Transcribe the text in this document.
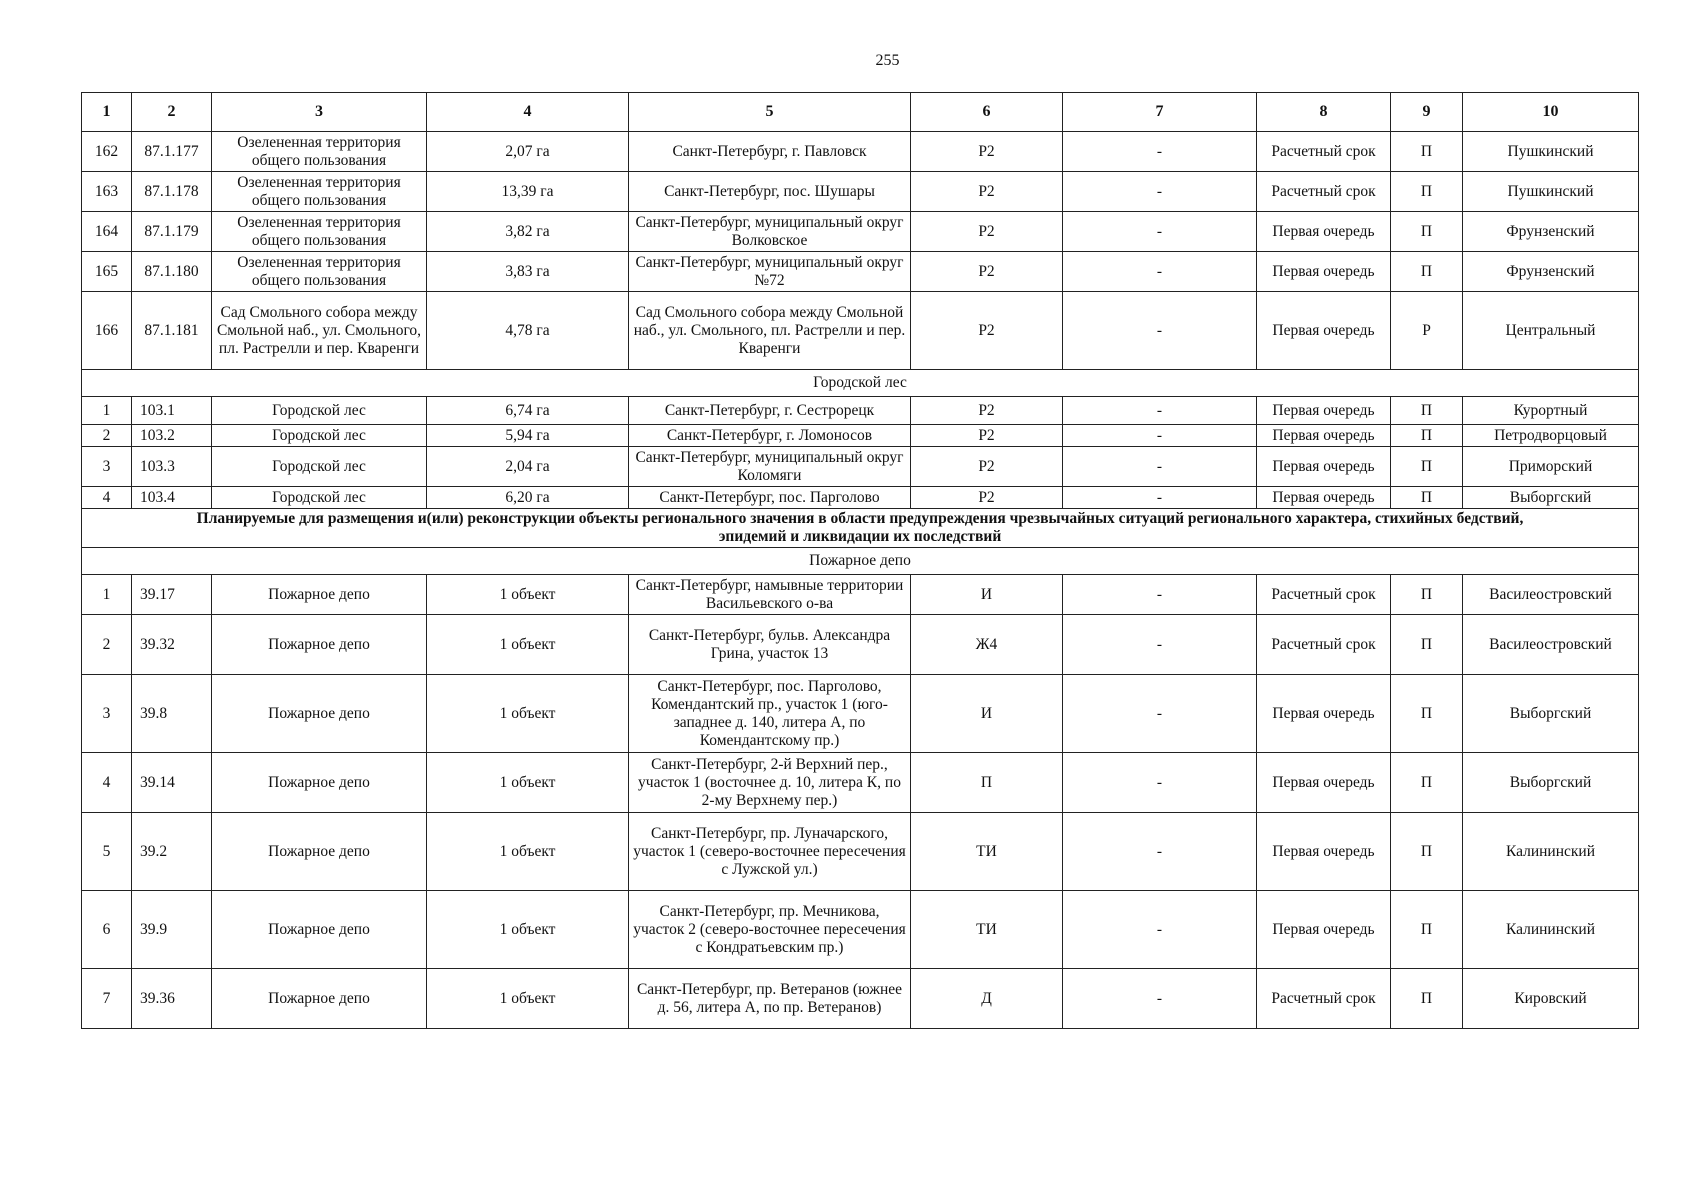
255
1	2	3	4	5	6	7	8	9	10
162	87.1.177	Озелененная территория общего пользования	2,07 га	Санкт-Петербург, г. Павловск	Р2	-	Расчетный срок	П	Пушкинский
163	87.1.178	Озелененная территория общего пользования	13,39 га	Санкт-Петербург, пос. Шушары	Р2	-	Расчетный срок	П	Пушкинский
164	87.1.179	Озелененная территория общего пользования	3,82 га	Санкт-Петербург, муниципальный округ Волковское	Р2	-	Первая очередь	П	Фрунзенский
165	87.1.180	Озелененная территория общего пользования	3,83 га	Санкт-Петербург, муниципальный округ №72	Р2	-	Первая очередь	П	Фрунзенский
166	87.1.181	Сад Смольного собора между Смольной наб., ул. Смольного, пл. Растрелли и пер. Кваренги	4,78 га	Сад Смольного собора между Смольной наб., ул. Смольного, пл. Растрелли и пер. Кваренги	Р2	-	Первая очередь	Р	Центральный
Городской лес									
1	103.1	Городской лес	6,74 га	Санкт-Петербург, г. Сестрорецк	Р2	-	Первая очередь	П	Курортный
2	103.2	Городской лес	5,94 га	Санкт-Петербург, г. Ломоносов	Р2	-	Первая очередь	П	Петродворцовый
3	103.3	Городской лес	2,04 га	Санкт-Петербург, муниципальный округ Коломяги	Р2	-	Первая очередь	П	Приморский
4	103.4	Городской лес	6,20 га	Санкт-Петербург, пос. Парголово	Р2	-	Первая очередь	П	Выборгский
Планируемые для размещения и(или) реконструкции объекты регионального значения в области предупреждения чрезвычайных ситуаций регионального характера, стихийных бедствий, эпидемий и ликвидации их последствий									
Пожарное депо									
1	39.17	Пожарное депо	1 объект	Санкт-Петербург, намывные территории Васильевского о-ва	И	-	Расчетный срок	П	Василеостровский
2	39.32	Пожарное депо	1 объект	Санкт-Петербург, бульв. Александра Грина, участок 13	Ж4	-	Расчетный срок	П	Василеостровский
3	39.8	Пожарное депо	1 объект	Санкт-Петербург, пос. Парголово, Комендантский пр., участок 1 (юго-западнее д. 140, литера А, по Комендантскому пр.)	И	-	Первая очередь	П	Выборгский
4	39.14	Пожарное депо	1 объект	Санкт-Петербург, 2-й Верхний пер., участок 1 (восточнее д. 10, литера К, по 2-му Верхнему пер.)	П	-	Первая очередь	П	Выборгский
5	39.2	Пожарное депо	1 объект	Санкт-Петербург, пр. Луначарского, участок 1 (северо-восточнее пересечения с Лужской ул.)	ТИ	-	Первая очередь	П	Калининский
6	39.9	Пожарное депо	1 объект	Санкт-Петербург, пр. Мечникова, участок 2 (северо-восточнее пересечения с Кондратьевским пр.)	ТИ	-	Первая очередь	П	Калининский
7	39.36	Пожарное депо	1 объект	Санкт-Петербург, пр. Ветеранов (южнее д. 56, литера А, по пр. Ветеранов)	Д	-	Расчетный срок	П	Кировский
